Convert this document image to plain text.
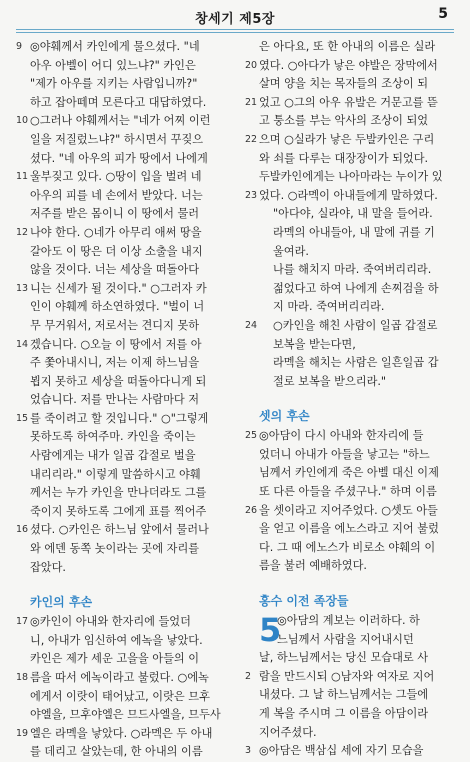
창세기 제5장	5
9 ◎야훼께서 카인에게 물으셨다. "네
아우 아벨이 어디 있느냐?" 카인은
"제가 아우를 지키는 사람입니까?"
하고 잡아떼며 모른다고 대답하였다.
10 ○그러나 야훼께서는 "네가 어찌 이런
일을 저질렀느냐?" 하시면서 꾸짖으
셨다. "네 아우의 피가 땅에서 나에게
11 울부짖고 있다. ○땅이 입을 벌려 네
아우의 피를 네 손에서 받았다. 너는
저주를 받은 몸이니 이 땅에서 물러
12 나야 한다. ○네가 아무리 애써 땅을
갈아도 이 땅은 더 이상 소출을 내지
않을 것이다. 너는 세상을 떠돌아다
13 니는 신세가 될 것이다." ○그러자 카
인이 야훼께 하소연하였다. "벌이 너
무 무거워서, 저로서는 견디지 못하
14 겠습니다. ○오늘 이 땅에서 저를 아
주 쫓아내시니, 저는 이제 하느님을
뵙지 못하고 세상을 떠돌아다니게 되
었습니다. 저를 만나는 사람마다 저
15 를 죽이려고 할 것입니다." ○"그렇게
못하도록 하여주마. 카인을 죽이는
사람에게는 내가 일곱 갑절로 벌을
내리리라." 이렇게 말씀하시고 야훼
께서는 누가 카인을 만나더라도 그를
죽이지 못하도록 그에게 표를 찍어주
16 셨다. ○카인은 하느님 앞에서 물러나
와 에덴 동쪽 놋이라는 곳에 자리를
잡았다.
카인의 후손
17 ◎카인이 아내와 한자리에 들었더
니, 아내가 임신하여 에녹을 낳았다.
카인은 제가 세운 고을을 아들의 이
18 름을 따서 에녹이라고 불렀다. ○에녹
에게서 이랏이 태어났고, 이랏은 므후
야엘을, 므후야엘은 므드사엘을, 므두사
19 엘은 라멕을 낳았다. ○라멕은 두 아내
를 데리고 살았는데, 한 아내의 이름
은 아다요, 또 한 아내의 이름은 실라
20 였다. ○아다가 낳은 야발은 장막에서
살며 양을 치는 목자들의 조상이 되
21 었고 ○그의 아우 유발은 거문고를 뜯
고 퉁소를 부는 악사의 조상이 되었
22 으며 ○실라가 낳은 두발카인은 구리
와 쇠를 다루는 대장장이가 되었다.
두발카인에게는 나아마라는 누이가 있
23 었다. ○라멕이 아내들에게 말하였다.
"아다야, 실라야, 내 말을 들어라.
라멕의 아내들아, 내 말에 귀를 기
울여라.
나를 해치지 마라. 죽여버리리라.
젊었다고 하여 나에게 손찌검을 하
지 마라. 죽여버리리라.
24 ○카인을 해친 사람이 일곱 갑절로
보복을 받는다면,
라멕을 해치는 사람은 일흔일곱 갑
절로 보복을 받으리라."
셋의 후손
25 ◎아담이 다시 아내와 한자리에 들
었더니 아내가 아들을 낳고는 "하느
님께서 카인에게 죽은 아벨 대신 이제
또 다른 아들을 주셨구나." 하며 이름
26 을 셋이라고 지어주었다. ○셋도 아들
을 얻고 이름을 에노스라고 지어 불렀
다. 그 때 에노스가 비로소 야훼의 이
름을 불러 예배하였다.
홍수 이전 족장들
5
◎아담의 계보는 이러하다. 하
느님께서 사람을 지어내시던
날, 하느님께서는 당신 모습대로 사
2 람을 만드시되 ○남자와 여자로 지어
내셨다. 그 날 하느님께서는 그들에
게 복을 주시며 그 이름을 아담이라
지어주셨다.
3 ◎아담은 백삼십 세에 자기 모습을
